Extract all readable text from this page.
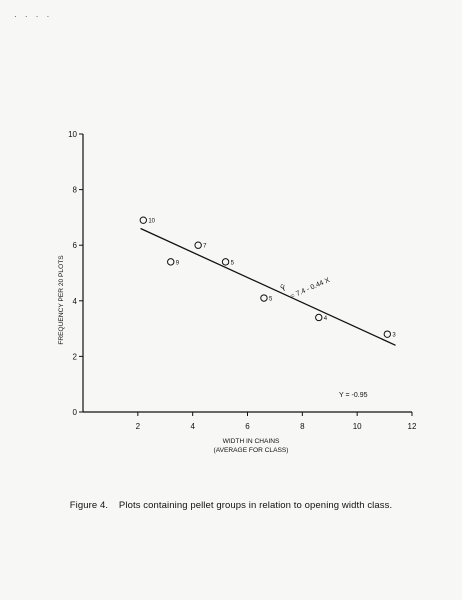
· · · ·
0
2
4
6
8
10
2	4	6	8	10	12
10
7
9	5
5
4
3
Ŷ = 7.4 - 0.44 X
Y = -0.95
WIDTH IN CHAINS
(AVERAGE FOR CLASS)
FREQUENCY PER 20 PLOTS
Figure 4. Plots containing pellet groups in relation to opening width class.
